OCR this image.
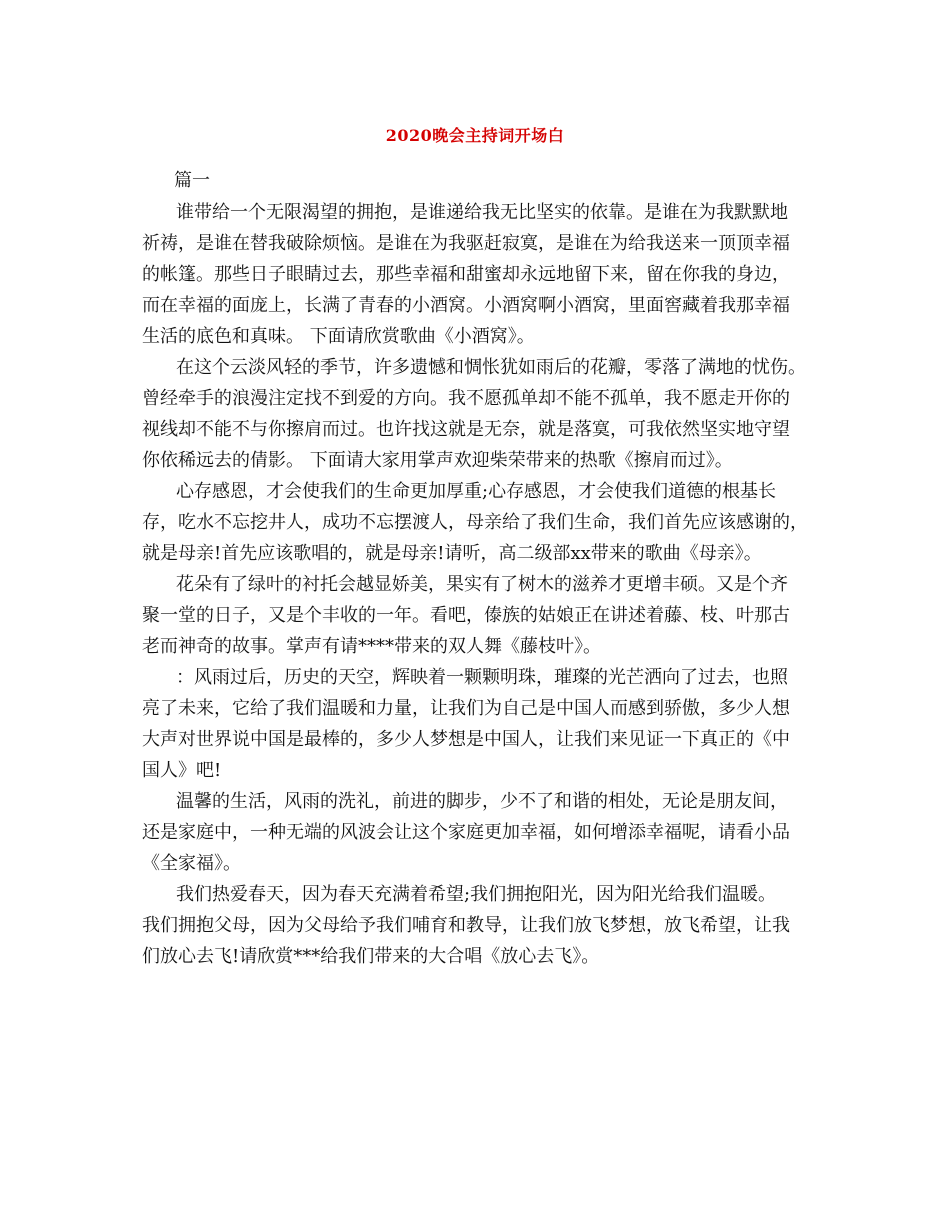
2020晚会主持词开场白
篇一
谁带给一个无限渴望的拥抱，是谁递给我无比坚实的依靠。是谁在为我默默地
祈祷，是谁在替我破除烦恼。是谁在为我驱赶寂寞，是谁在为给我送来一顶顶幸福
的帐篷。那些日子眼睛过去，那些幸福和甜蜜却永远地留下来，留在你我的身边，
而在幸福的面庞上，长满了青春的小酒窝。小酒窝啊小酒窝，里面窖藏着我那幸福
生活的底色和真味。 下面请欣赏歌曲《小酒窝》。
在这个云淡风轻的季节，许多遗憾和惆怅犹如雨后的花瓣，零落了满地的忧伤。
曾经牵手的浪漫注定找不到爱的方向。我不愿孤单却不能不孤单，我不愿走开你的
视线却不能不与你擦肩而过。也许找这就是无奈，就是落寞，可我依然坚实地守望
你依稀远去的倩影。 下面请大家用掌声欢迎柴荣带来的热歌《擦肩而过》。
心存感恩，才会使我们的生命更加厚重;心存感恩，才会使我们道德的根基长
存，吃水不忘挖井人，成功不忘摆渡人，母亲给了我们生命，我们首先应该感谢的，
就是母亲!首先应该歌唱的，就是母亲!请听，高二级部xx带来的歌曲《母亲》。
花朵有了绿叶的衬托会越显娇美，果实有了树木的滋养才更增丰硕。又是个齐
聚一堂的日子，又是个丰收的一年。看吧，傣族的姑娘正在讲述着藤、枝、叶那古
老而神奇的故事。掌声有请****带来的双人舞《藤枝叶》。
：风雨过后，历史的天空，辉映着一颗颗明珠，璀璨的光芒洒向了过去，也照
亮了未来，它给了我们温暖和力量，让我们为自己是中国人而感到骄傲，多少人想
大声对世界说中国是最棒的，多少人梦想是中国人，让我们来见证一下真正的《中
国人》吧!
温馨的生活，风雨的洗礼，前进的脚步，少不了和谐的相处，无论是朋友间，
还是家庭中，一种无端的风波会让这个家庭更加幸福，如何增添幸福呢，请看小品
《全家福》。
我们热爱春天，因为春天充满着希望;我们拥抱阳光，因为阳光给我们温暖。
我们拥抱父母，因为父母给予我们哺育和教导，让我们放飞梦想，放飞希望，让我
们放心去飞!请欣赏***给我们带来的大合唱《放心去飞》。
